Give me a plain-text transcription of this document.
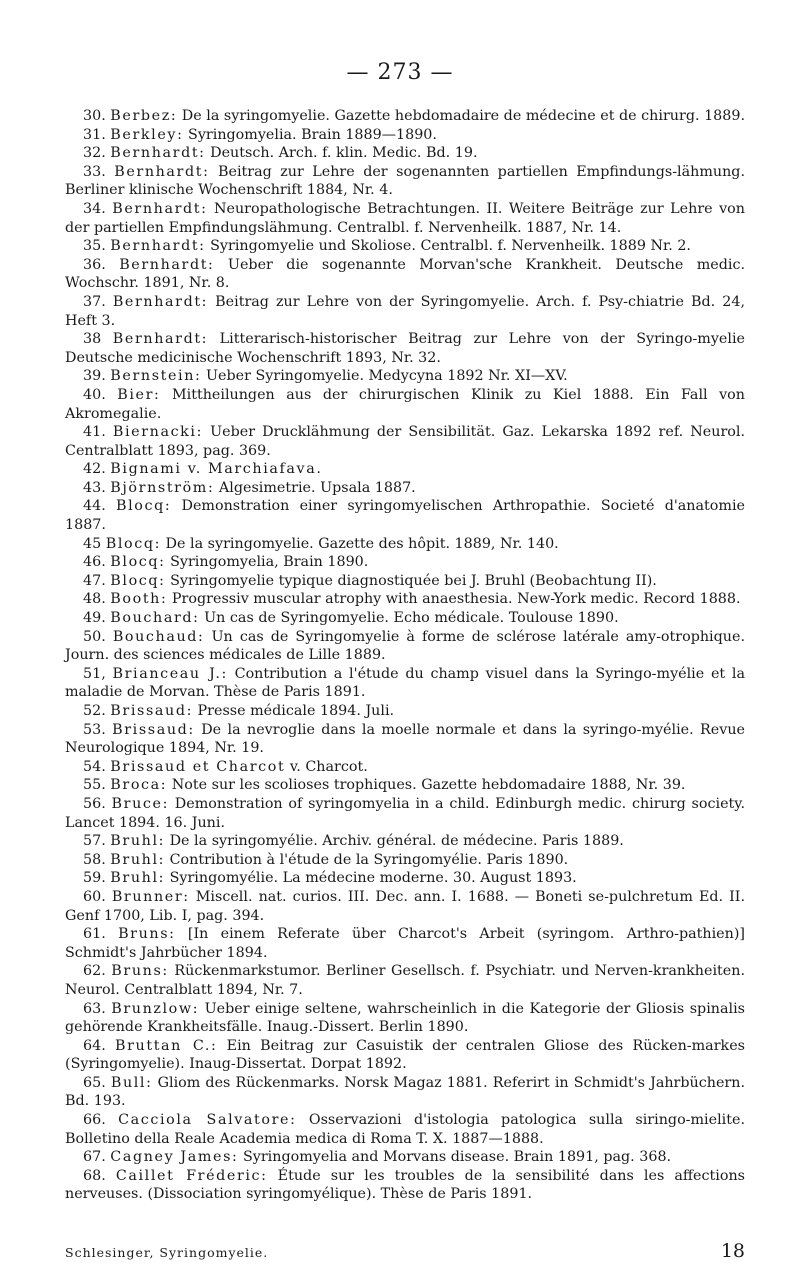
— 273 —

30. Berbez: De la syringomyelie. Gazette hebdomadaire de médecine et de chirurg. 1889.

31. Berkley: Syringomyelia. Brain 1889—1890.

32. Bernhardt: Deutsch. Arch. f. klin. Medic. Bd. 19.

33. Bernhardt: Beitrag zur Lehre der sogenannten partiellen Empfindungs-lähmung. Berliner klinische Wochenschrift 1884, Nr. 4.

34. Bernhardt: Neuropathologische Betrachtungen. II. Weitere Beiträge zur Lehre von der partiellen Empfindungslähmung. Centralbl. f. Nervenheilk. 1887, Nr. 14.

35. Bernhardt: Syringomyelie und Skoliose. Centralbl. f. Nervenheilk. 1889 Nr. 2.

36. Bernhardt: Ueber die sogenannte Morvan'sche Krankheit. Deutsche medic. Wochschr. 1891, Nr. 8.

37. Bernhardt: Beitrag zur Lehre von der Syringomyelie. Arch. f. Psy-chiatrie Bd. 24, Heft 3.

38 Bernhardt: Litterarisch-historischer Beitrag zur Lehre von der Syringo-myelie Deutsche medicinische Wochenschrift 1893, Nr. 32.

39. Bernstein: Ueber Syringomyelie. Medycyna 1892 Nr. XI—XV.

40. Bier: Mittheilungen aus der chirurgischen Klinik zu Kiel 1888. Ein Fall von Akromegalie.

41. Biernacki: Ueber Drucklähmung der Sensibilität. Gaz. Lekarska 1892 ref. Neurol. Centralblatt 1893, pag. 369.

42. Bignami v. Marchiafava.

43. Björnström: Algesimetrie. Upsala 1887.

44. Blocq: Demonstration einer syringomyelischen Arthropathie. Societé d'anatomie 1887.

45 Blocq: De la syringomyelie. Gazette des hôpit. 1889, Nr. 140.

46. Blocq: Syringomyelia, Brain 1890.

47. Blocq: Syringomyelie typique diagnostiquée bei J. Bruhl (Beobachtung II).

48. Booth: Progressiv muscular atrophy with anaesthesia. New-York medic. Record 1888.

49. Bouchard: Un cas de Syringomyelie. Echo médicale. Toulouse 1890.

50. Bouchaud: Un cas de Syringomyelie à forme de sclérose latérale amy-otrophique. Journ. des sciences médicales de Lille 1889.

51, Brianceau J.: Contribution a l'étude du champ visuel dans la Syringo-myélie et la maladie de Morvan. Thèse de Paris 1891.

52. Brissaud: Presse médicale 1894. Juli.

53. Brissaud: De la nevroglie dans la moelle normale et dans la syringo-myélie. Revue Neurologique 1894, Nr. 19.

54. Brissaud et Charcot v. Charcot.

55. Broca: Note sur les scolioses trophiques. Gazette hebdomadaire 1888, Nr. 39.

56. Bruce: Demonstration of syringomyelia in a child. Edinburgh medic. chirurg society. Lancet 1894. 16. Juni.

57. Bruhl: De la syringomyélie. Archiv. général. de médecine. Paris 1889.

58. Bruhl: Contribution à l'étude de la Syringomyélie. Paris 1890.

59. Bruhl: Syringomyélie. La médecine moderne. 30. August 1893.

60. Brunner: Miscell. nat. curios. III. Dec. ann. I. 1688. — Boneti se-pulchretum Ed. II. Genf 1700, Lib. I, pag. 394.

61. Bruns: [In einem Referate über Charcot's Arbeit (syringom. Arthro-pathien)] Schmidt's Jahrbücher 1894.

62. Bruns: Rückenmarkstumor. Berliner Gesellsch. f. Psychiatr. und Nerven-krankheiten. Neurol. Centralblatt 1894, Nr. 7.

63. Brunzlow: Ueber einige seltene, wahrscheinlich in die Kategorie der Gliosis spinalis gehörende Krankheitsfälle. Inaug.-Dissert. Berlin 1890.

64. Bruttan C.: Ein Beitrag zur Casuistik der centralen Gliose des Rücken-markes (Syringomyelie). Inaug-Dissertat. Dorpat 1892.

65. Bull: Gliom des Rückenmarks. Norsk Magaz 1881. Referirt in Schmidt's Jahrbüchern. Bd. 193.

66. Cacciola Salvatore: Osservazioni d'istologia patologica sulla siringo-mielite. Bolletino della Reale Academia medica di Roma T. X. 1887—1888.

67. Cagney James: Syringomyelia and Morvans disease. Brain 1891, pag. 368.

68. Caillet Fréderic: Étude sur les troubles de la sensibilité dans les affections nerveuses. (Dissociation syringomyélique). Thèse de Paris 1891.

Schlesinger, Syringomyelie.	18
